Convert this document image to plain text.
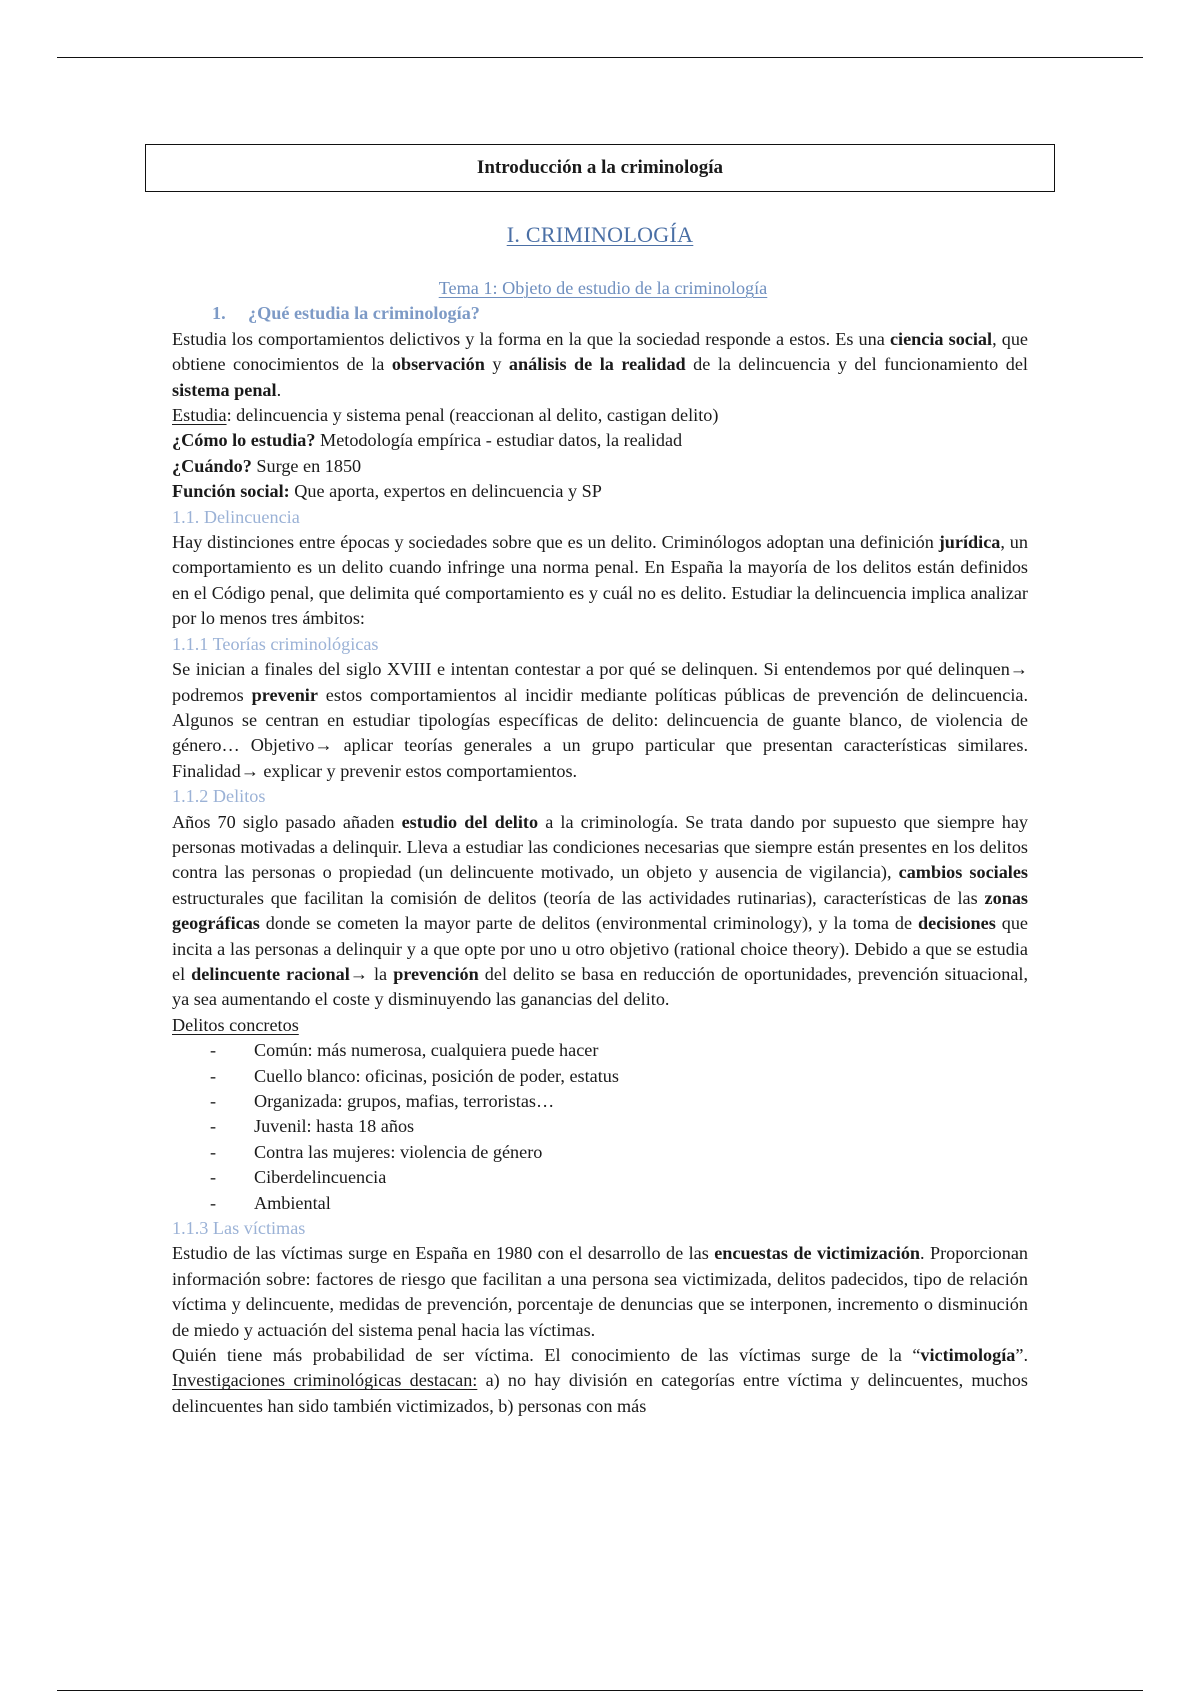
Introducción a la criminología
I. CRIMINOLOGÍA
Tema 1: Objeto de estudio de la criminología
1. ¿Qué estudia la criminología?
Estudia los comportamientos delictivos y la forma en la que la sociedad responde a estos. Es una ciencia social, que obtiene conocimientos de la observación y análisis de la realidad de la delincuencia y del funcionamiento del sistema penal.
Estudia: delincuencia y sistema penal (reaccionan al delito, castigan delito)
¿Cómo lo estudia? Metodología empírica - estudiar datos, la realidad
¿Cuándo? Surge en 1850
Función social: Que aporta, expertos en delincuencia y SP
1.1. Delincuencia
Hay distinciones entre épocas y sociedades sobre que es un delito. Criminólogos adoptan una definición jurídica, un comportamiento es un delito cuando infringe una norma penal. En España la mayoría de los delitos están definidos en el Código penal, que delimita qué comportamiento es y cuál no es delito. Estudiar la delincuencia implica analizar por lo menos tres ámbitos:
1.1.1 Teorías criminológicas
Se inician a finales del siglo XVIII e intentan contestar a por qué se delinquen. Si entendemos por qué delinquen→ podremos prevenir estos comportamientos al incidir mediante políticas públicas de prevención de delincuencia. Algunos se centran en estudiar tipologías específicas de delito: delincuencia de guante blanco, de violencia de género… Objetivo→ aplicar teorías generales a un grupo particular que presentan características similares. Finalidad→ explicar y prevenir estos comportamientos.
1.1.2 Delitos
Años 70 siglo pasado añaden estudio del delito a la criminología. Se trata dando por supuesto que siempre hay personas motivadas a delinquir. Lleva a estudiar las condiciones necesarias que siempre están presentes en los delitos contra las personas o propiedad (un delincuente motivado, un objeto y ausencia de vigilancia), cambios sociales estructurales que facilitan la comisión de delitos (teoría de las actividades rutinarias), características de las zonas geográficas donde se cometen la mayor parte de delitos (environmental criminology), y la toma de decisiones que incita a las personas a delinquir y a que opte por uno u otro objetivo (rational choice theory). Debido a que se estudia el delincuente racional→ la prevención del delito se basa en reducción de oportunidades, prevención situacional, ya sea aumentando el coste y disminuyendo las ganancias del delito.
Delitos concretos
- Común: más numerosa, cualquiera puede hacer
- Cuello blanco: oficinas, posición de poder, estatus
- Organizada: grupos, mafias, terroristas…
- Juvenil: hasta 18 años
- Contra las mujeres: violencia de género
- Ciberdelincuencia
- Ambiental
1.1.3 Las víctimas
Estudio de las víctimas surge en España en 1980 con el desarrollo de las encuestas de victimización. Proporcionan información sobre: factores de riesgo que facilitan a una persona sea victimizada, delitos padecidos, tipo de relación víctima y delincuente, medidas de prevención, porcentaje de denuncias que se interponen, incremento o disminución de miedo y actuación del sistema penal hacia las víctimas.
Quién tiene más probabilidad de ser víctima. El conocimiento de las víctimas surge de la “victimología”. Investigaciones criminológicas destacan: a) no hay división en categorías entre víctima y delincuentes, muchos delincuentes han sido también victimizados, b) personas con más
